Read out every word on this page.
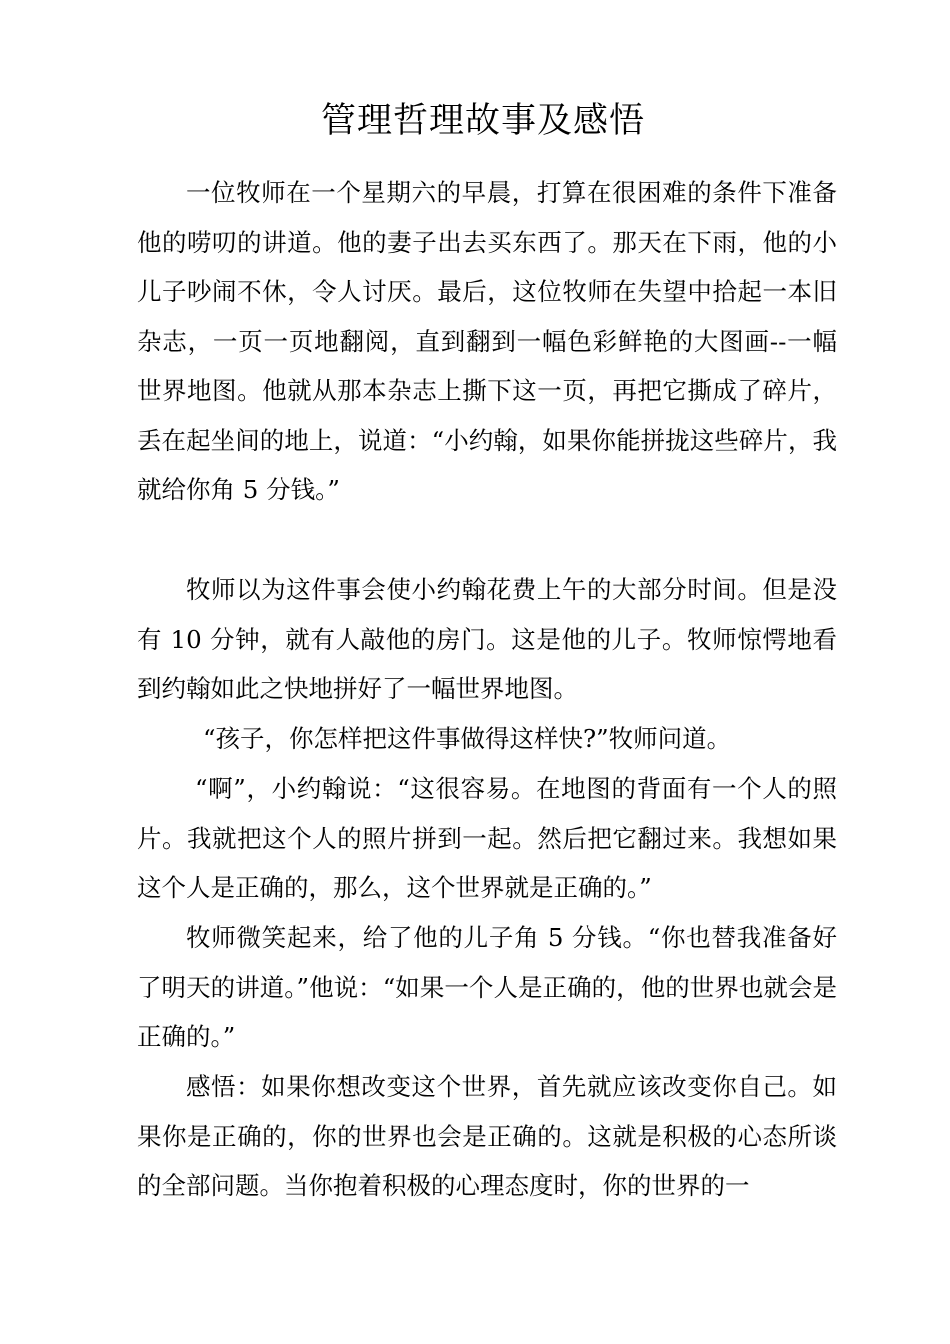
管理哲理故事及感悟

一位牧师在一个星期六的早晨，打算在很困难的条件下准备他的唠叨的讲道。他的妻子出去买东西了。那天在下雨，他的小儿子吵闹不休，令人讨厌。最后，这位牧师在失望中拾起一本旧杂志，一页一页地翻阅，直到翻到一幅色彩鲜艳的大图画--一幅世界地图。他就从那本杂志上撕下这一页，再把它撕成了碎片，丢在起坐间的地上，说道：“小约翰，如果你能拼拢这些碎片，我就给你角 5 分钱。”

牧师以为这件事会使小约翰花费上午的大部分时间。但是没有 10 分钟，就有人敲他的房门。这是他的儿子。牧师惊愕地看到约翰如此之快地拼好了一幅世界地图。

“孩子，你怎样把这件事做得这样快?”牧师问道。

“啊”，小约翰说：“这很容易。在地图的背面有一个人的照片。我就把这个人的照片拼到一起。然后把它翻过来。我想如果这个人是正确的，那么，这个世界就是正确的。”

牧师微笑起来，给了他的儿子角 5 分钱。“你也替我准备好了明天的讲道。”他说：“如果一个人是正确的，他的世界也就会是正确的。”

感悟：如果你想改变这个世界，首先就应该改变你自己。如果你是正确的，你的世界也会是正确的。这就是积极的心态所谈的全部问题。当你抱着积极的心理态度时，你的世界的一
